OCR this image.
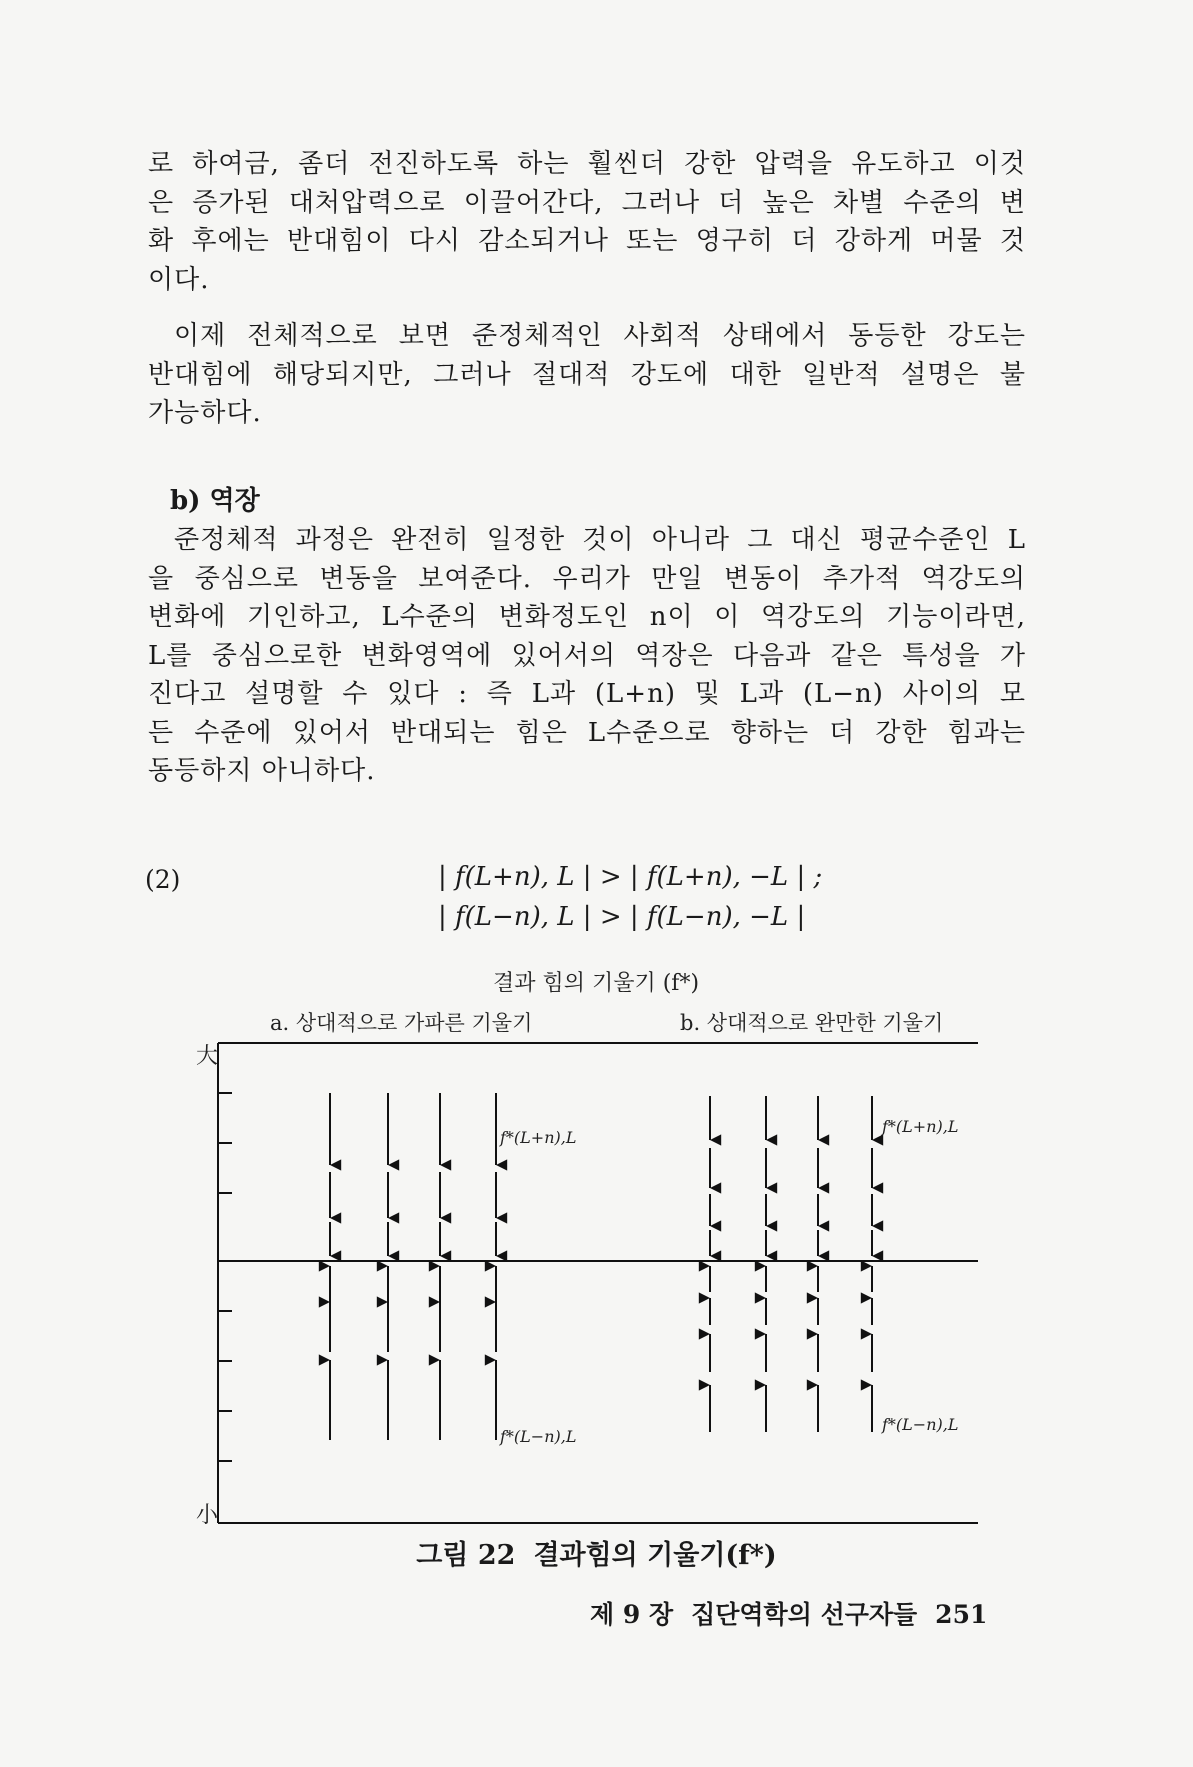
로 하여금, 좀더 전진하도록 하는 훨씬더 강한 압력을 유도하고 이것

은 증가된 대처압력으로 이끌어간다, 그러나 더 높은 차별 수준의 변

화 후에는 반대힘이 다시 감소되거나 또는 영구히 더 강하게 머물 것

이다.

이제 전체적으로 보면 준정체적인 사회적 상태에서 동등한 강도는

반대힘에 해당되지만, 그러나 절대적 강도에 대한 일반적 설명은 불

가능하다.

b) 역장

준정체적 과정은 완전히 일정한 것이 아니라 그 대신 평균수준인 L

을 중심으로 변동을 보여준다. 우리가 만일 변동이 추가적 역강도의

변화에 기인하고, L수준의 변화정도인 n이 이 역강도의 기능이라면,

L를 중심으로한 변화영역에 있어서의 역장은 다음과 같은 특성을 가

진다고 설명할 수 있다 : 즉 L과 (L+n) 및 L과 (L−n) 사이의 모

든 수준에 있어서 반대되는 힘은 L수준으로 향하는 더 강한 힘과는

동등하지 아니하다.

(2)	| f(L+n), L | > | f(L+n), −L | ;
| f(L−n), L | > | f(L−n), −L |
결과 힘의 기울기 (f*)
a. 상대적으로 가파른 기울기	b. 상대적으로 완만한 기울기
大
小
f*(L+n),L
f*(L−n),L
f*(L+n),L
f*(L−n),L

그림 22 결과힘의 기울기(f*)

제 9 장 집단역학의 선구자들 251
